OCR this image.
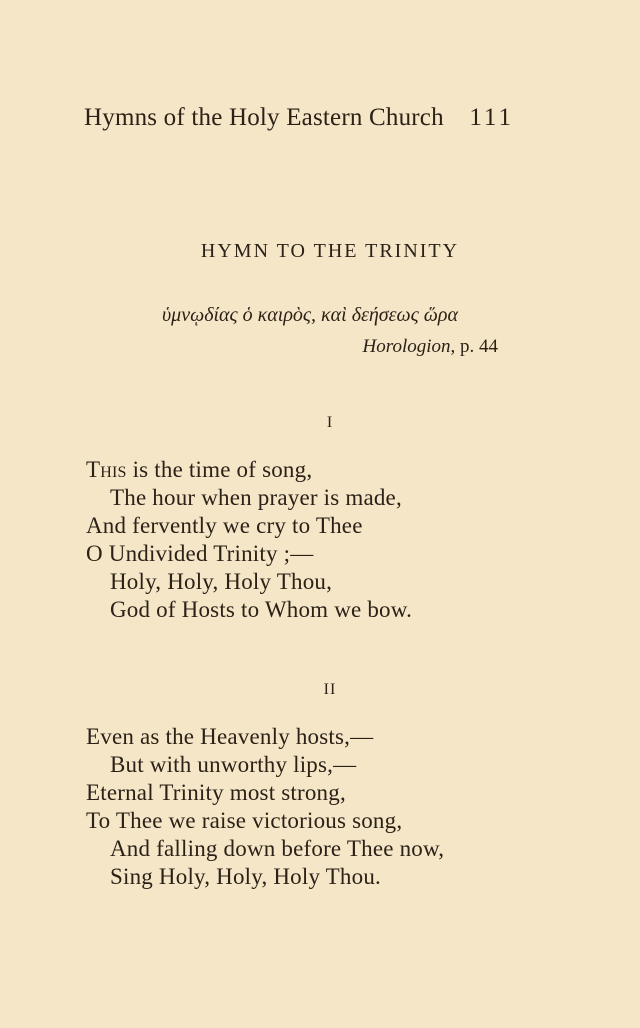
Hymns of the Holy Eastern Church 111
HYMN TO THE TRINITY
ὑμνῳδίας ὁ καιρὸς, καὶ δεήσεως ὥρα
Horologion, p. 44
I
This is the time of song,
The hour when prayer is made,
And fervently we cry to Thee
O Undivided Trinity ;—
Holy, Holy, Holy Thou,
God of Hosts to Whom we bow.
II
Even as the Heavenly hosts,—
But with unworthy lips,—
Eternal Trinity most strong,
To Thee we raise victorious song,
And falling down before Thee now,
Sing Holy, Holy, Holy Thou.
